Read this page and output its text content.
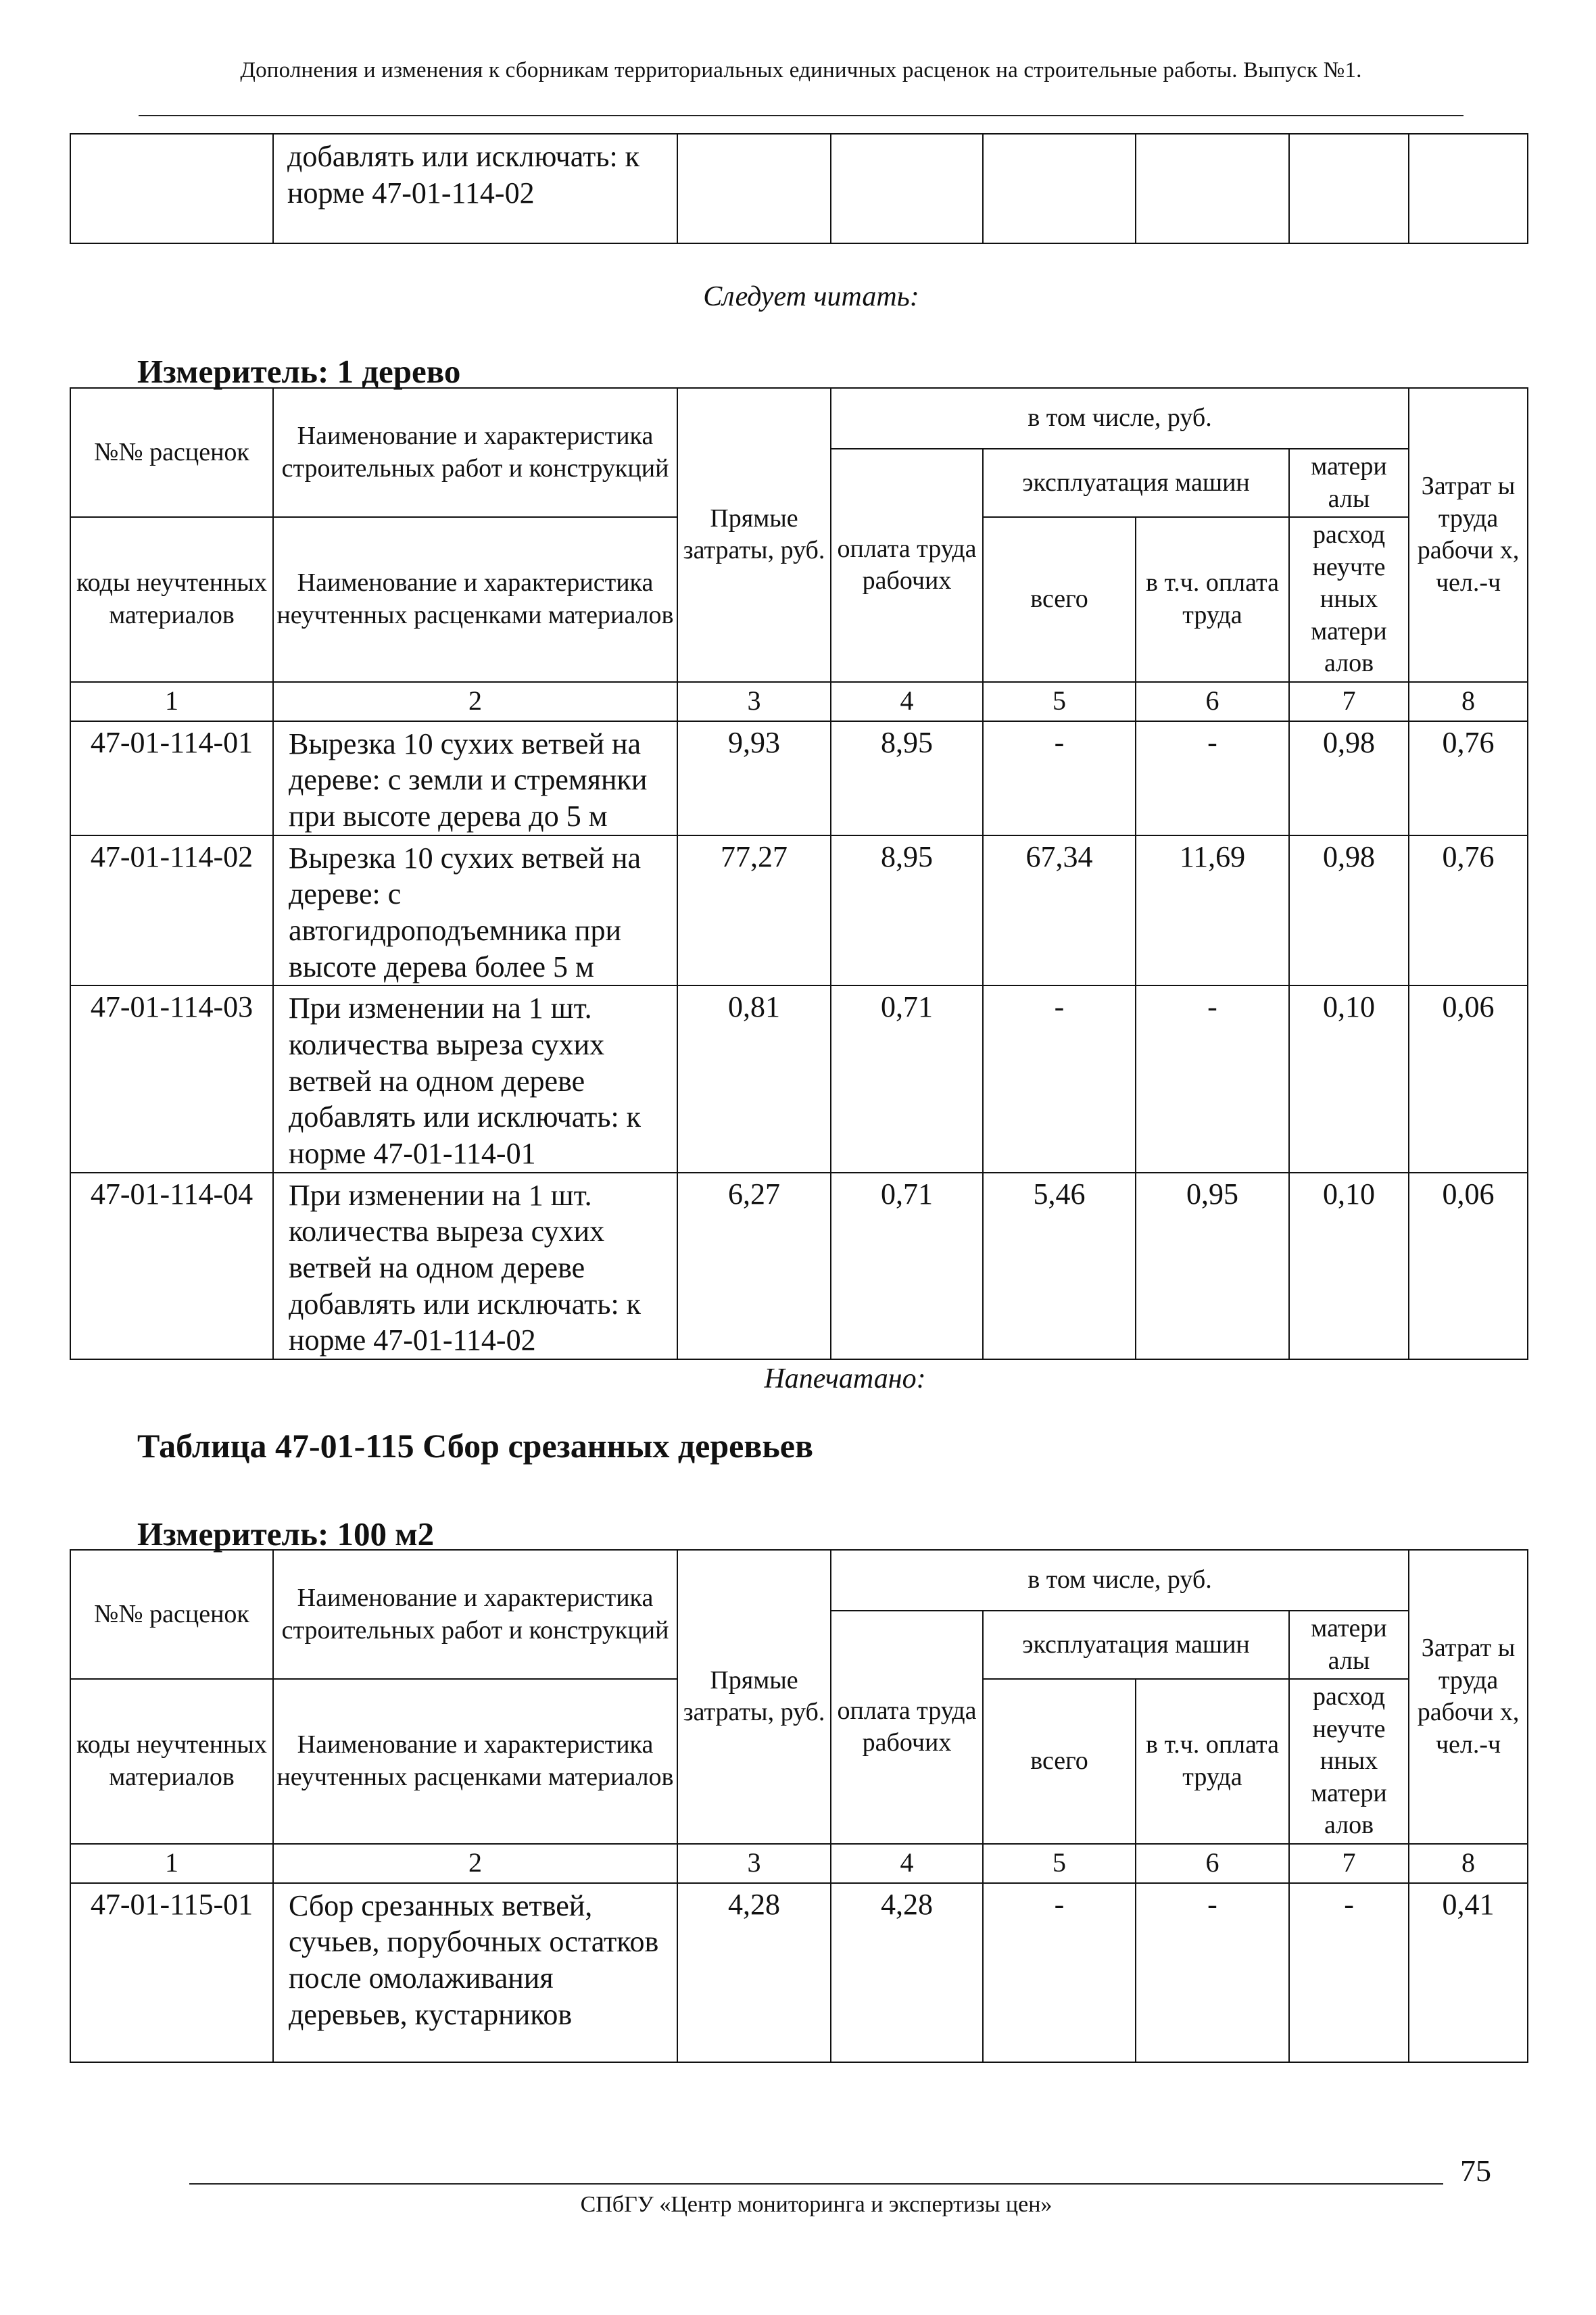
Дополнения и изменения к сборникам территориальных единичных расценок на строительные работы. Выпуск №1.
	добавлять или исключать: к норме 47-01-114-02						
Следует читать:
Измеритель: 1 дерево
№№ расценок	Наименование и характеристика строительных работ и конструкций	Прямые затраты, руб.	в том числе, руб.				Затрат ы труда рабочи х, чел.-ч
			оплата труда рабочих	эксплуатация машин		матери алы	
коды неучтенных материалов	Наименование и характеристика неучтенных расценками материалов			всего	в т.ч. оплата труда	расход неучте нных матери алов	
1	2	3	4	5	6	7	8
47-01-114-01	Вырезка 10 сухих ветвей на дереве: с земли и стремянки при высоте дерева до 5 м	9,93	8,95	-	-	0,98	0,76
47-01-114-02	Вырезка 10 сухих ветвей на дереве: с автогидроподъемника при высоте дерева более 5 м	77,27	8,95	67,34	11,69	0,98	0,76
47-01-114-03	При изменении на 1 шт. количества выреза сухих ветвей на одном дереве добавлять или исключать: к норме 47-01-114-01	0,81	0,71	-	-	0,10	0,06
47-01-114-04	При изменении на 1 шт. количества выреза сухих ветвей на одном дереве добавлять или исключать: к норме 47-01-114-02	6,27	0,71	5,46	0,95	0,10	0,06
Напечатано:
Таблица 47-01-115 Сбор срезанных деревьев
Измеритель: 100 м2
№№ расценок	Наименование и характеристика строительных работ и конструкций	Прямые затраты, руб.	в том числе, руб.				Затрат ы труда рабочи х, чел.-ч
			оплата труда рабочих	эксплуатация машин		матери алы	
коды неучтенных материалов	Наименование и характеристика неучтенных расценками материалов			всего	в т.ч. оплата труда	расход неучте нных матери алов	
1	2	3	4	5	6	7	8
47-01-115-01	Сбор срезанных ветвей, сучьев, порубочных остатков после омолаживания деревьев, кустарников	4,28	4,28	-	-	-	0,41
75
СПбГУ «Центр мониторинга и экспертизы цен»
